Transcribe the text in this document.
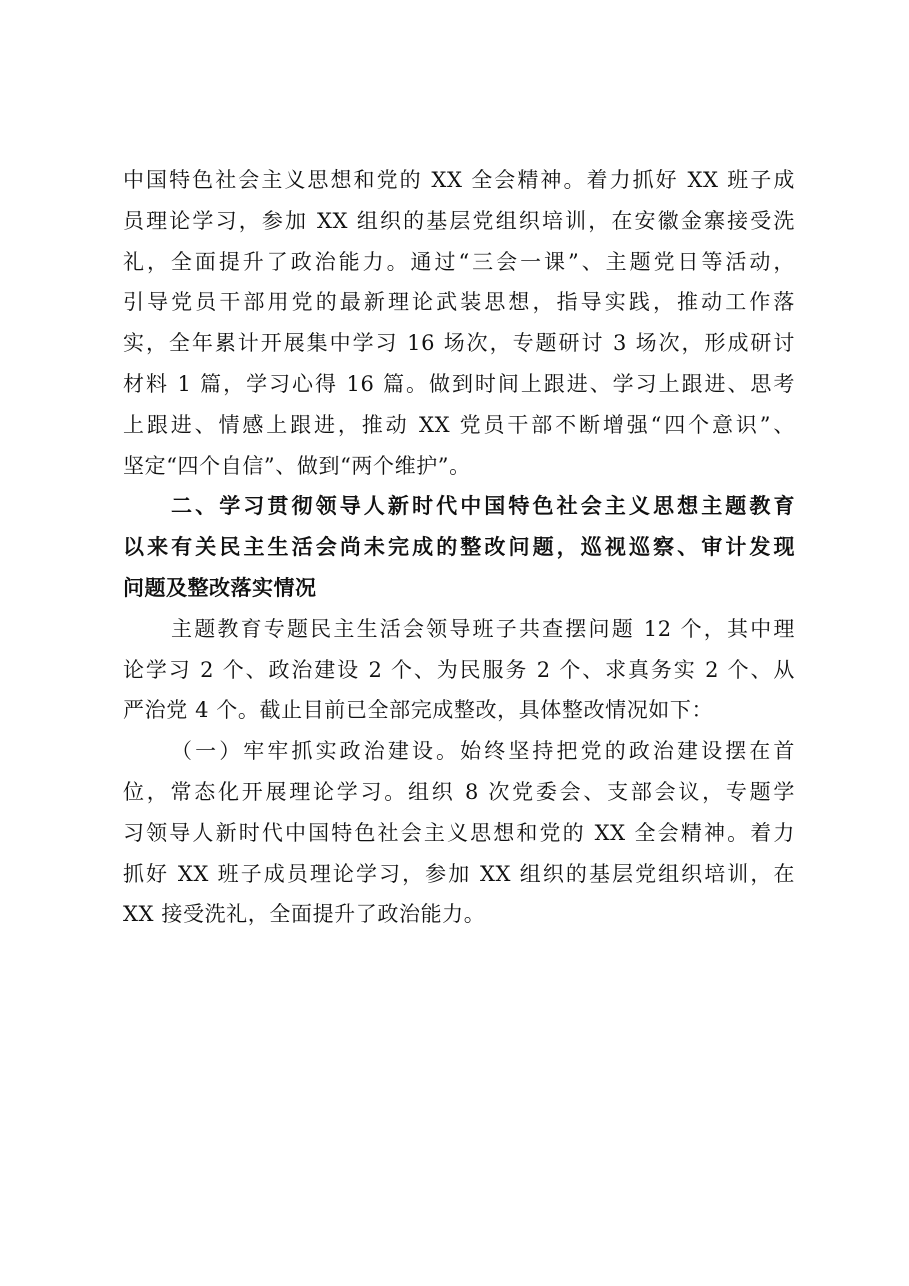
中国特色社会主义思想和党的 XX 全会精神。着力抓好 XX 班子成
员理论学习，参加 XX 组织的基层党组织培训，在安徽金寨接受洗
礼，全面提升了政治能力。通过“三会一课”、主题党日等活动，
引导党员干部用党的最新理论武装思想，指导实践，推动工作落
实，全年累计开展集中学习 16 场次，专题研讨 3 场次，形成研讨
材料 1 篇，学习心得 16 篇。做到时间上跟进、学习上跟进、思考
上跟进、情感上跟进，推动 XX 党员干部不断增强“四个意识”、
坚定“四个自信”、做到“两个维护”。
二、学习贯彻领导人新时代中国特色社会主义思想主题教育
以来有关民主生活会尚未完成的整改问题，巡视巡察、审计发现
问题及整改落实情况
主题教育专题民主生活会领导班子共查摆问题 12 个，其中理
论学习 2 个、政治建设 2 个、为民服务 2 个、求真务实 2 个、从
严治党 4 个。截止目前已全部完成整改，具体整改情况如下：
（一）牢牢抓实政治建设。始终坚持把党的政治建设摆在首
位，常态化开展理论学习。组织 8 次党委会、支部会议，专题学
习领导人新时代中国特色社会主义思想和党的 XX 全会精神。着力
抓好 XX 班子成员理论学习，参加 XX 组织的基层党组织培训，在
XX 接受洗礼，全面提升了政治能力。
